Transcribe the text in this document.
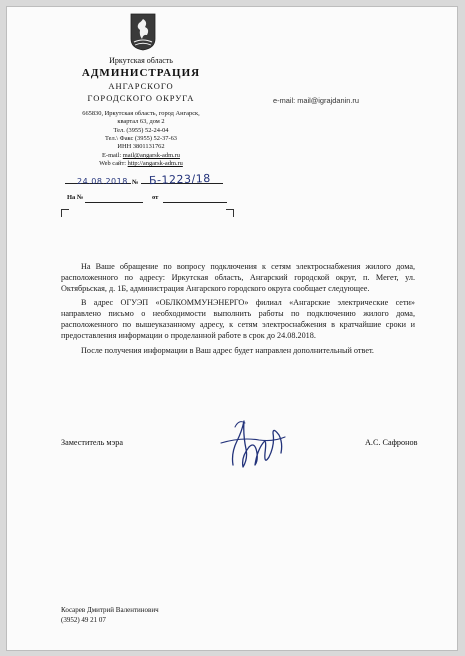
Иркутская область
АДМИНИСТРАЦИЯ
АНГАРСКОГО
ГОРОДСКОГО ОКРУГА
665830, Иркутская область, город Ангарск,
квартал 63, дом 2
Тел. (3955) 52-24-04
Тел.\ Факс (3955) 52-37-63
ИНН 3801131762
E-mail: mail@angarsk-adm.ru
Web сайт: http://angarsk-adm.ru
e-mail: mail@igrajdanin.ru
24.08.2018 № Б-1223/18
На №	от

На Ваше обращение по вопросу подключения к сетям электроснабжения жилого дома, расположенного по адресу: Иркутская область, Ангарский городской округ, п. Мегет, ул. Октябрьская, д. 1Б, администрация Ангарского городского округа сообщает следующее.

В адрес ОГУЭП «ОБЛКОММУНЭНЕРГО» филиал «Ангарские электрические сети» направлено письмо о необходимости выполнить работы по подключению жилого дома, расположенного по вышеуказанному адресу, к сетям электроснабжения в кратчайшие сроки и предоставления информации о проделанной работе в срок до 24.08.2018.

После получения информации в Ваш адрес будет направлен дополнительный ответ.

Заместитель мэра	А.С. Сафронов
Косарев Дмитрий Валентинович
(3952) 49 21 07
